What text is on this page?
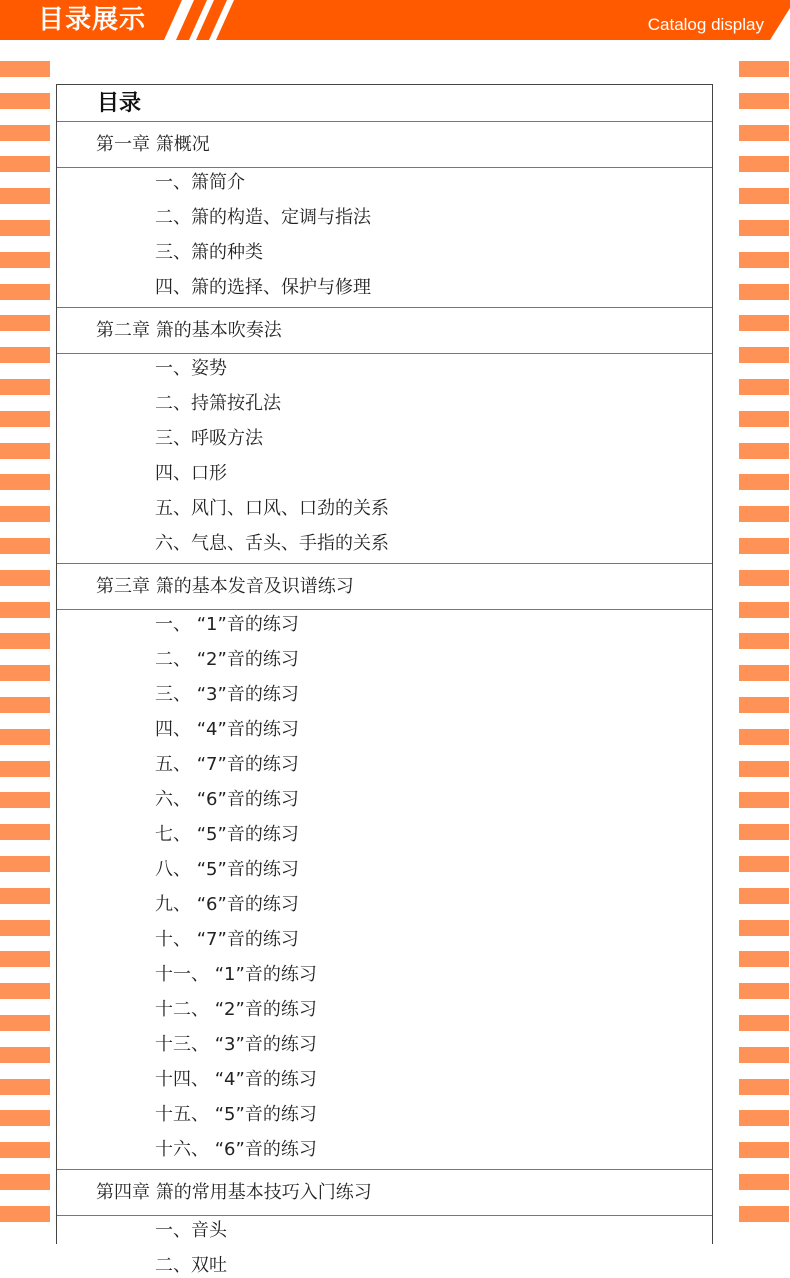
目录展示	Catalog display
目录
第一章 箫概况
一、箫简介
二、箫的构造、定调与指法
三、箫的种类
四、箫的选择、保护与修理
第二章 箫的基本吹奏法
一、姿势
二、持箫按孔法
三、呼吸方法
四、口形
五、风门、口风、口劲的关系
六、气息、舌头、手指的关系
第三章 箫的基本发音及识谱练习
一、 “1”音的练习
二、 “2”音的练习
三、 “3”音的练习
四、 “4”音的练习
五、 “7”音的练习
六、 “6”音的练习
七、 “5”音的练习
八、 “5”音的练习
九、 “6”音的练习
十、 “7”音的练习
十一、 “1”音的练习
十二、 “2”音的练习
十三、 “3”音的练习
十四、 “4”音的练习
十五、 “5”音的练习
十六、 “6”音的练习
第四章 箫的常用基本技巧入门练习
一、音头
二、双吐
